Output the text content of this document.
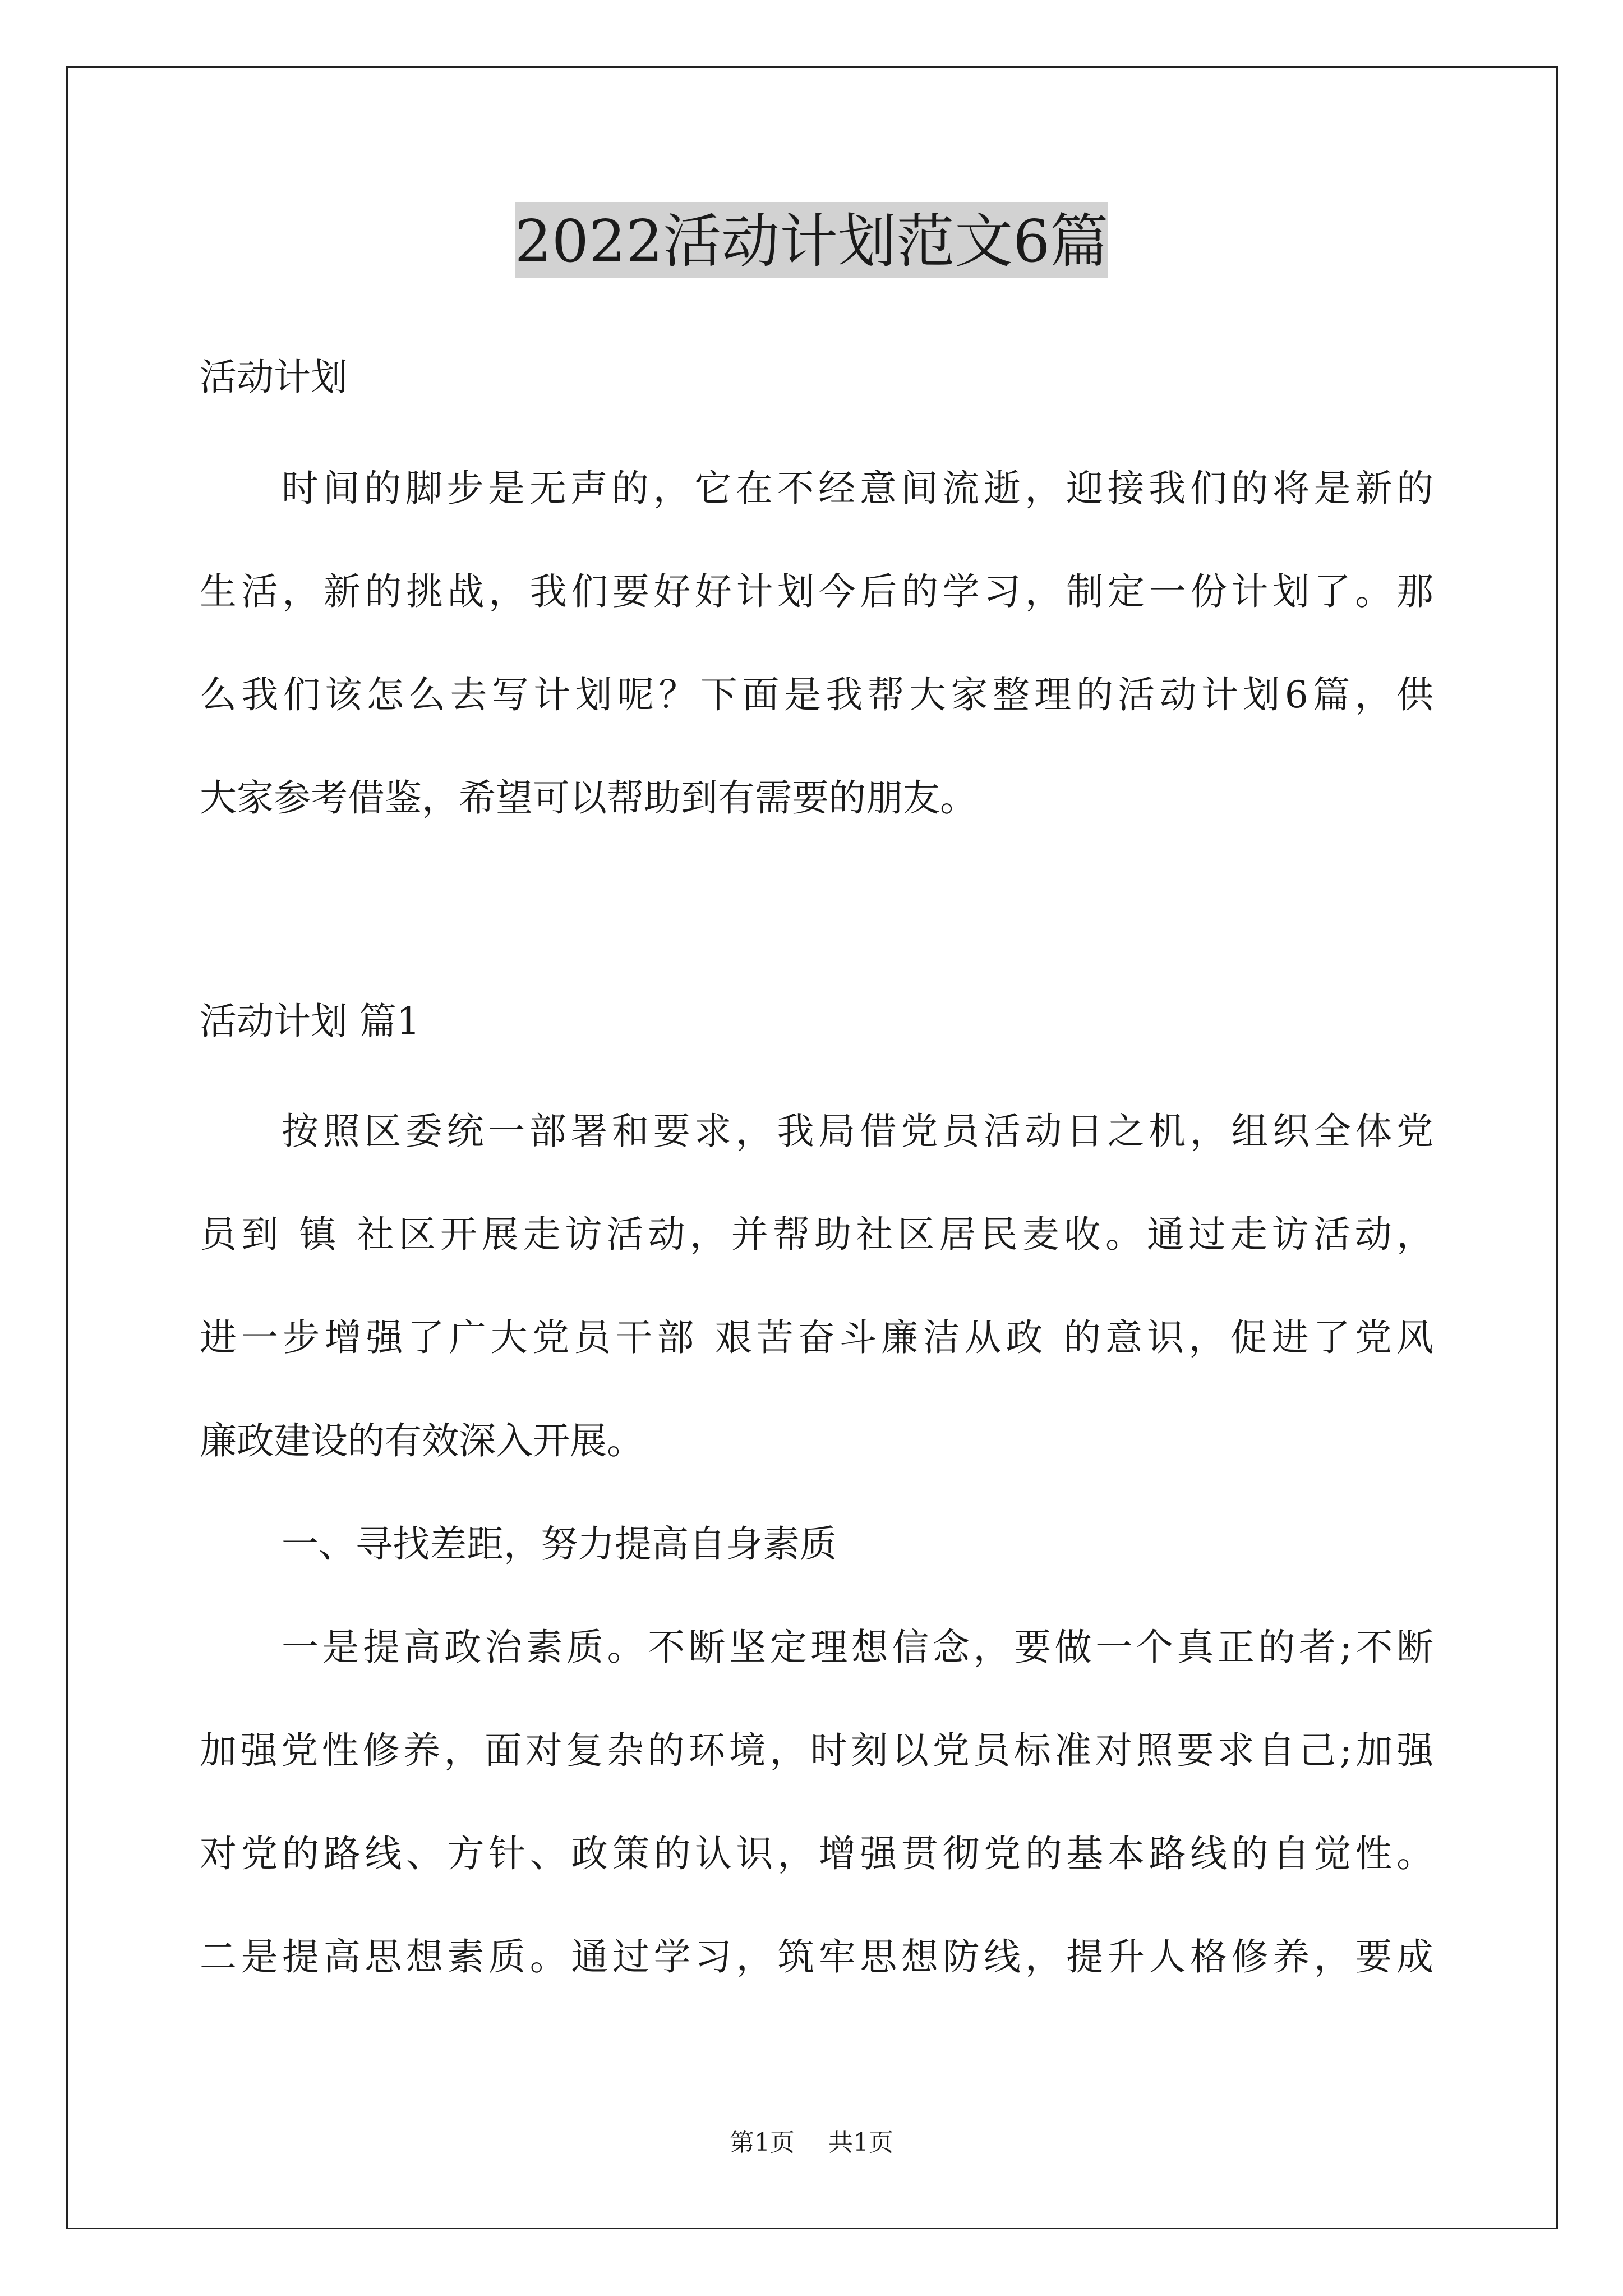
2022活动计划范文6篇

活动计划

时间的脚步是无声的，它在不经意间流逝，迎接我们的将是新的

生活，新的挑战，我们要好好计划今后的学习，制定一份计划了。那

么我们该怎么去写计划呢？下面是我帮大家整理的活动计划6篇，供

大家参考借鉴，希望可以帮助到有需要的朋友。

活动计划 篇1

按照区委统一部署和要求，我局借党员活动日之机，组织全体党

员到 镇 社区开展走访活动，并帮助社区居民麦收。通过走访活动，

进一步增强了广大党员干部 艰苦奋斗廉洁从政 的意识，促进了党风

廉政建设的有效深入开展。

一、寻找差距，努力提高自身素质

一是提高政治素质。不断坚定理想信念，要做一个真正的者;不断

加强党性修养，面对复杂的环境，时刻以党员标准对照要求自己;加强

对党的路线、方针、政策的认识，增强贯彻党的基本路线的自觉性。

二是提高思想素质。通过学习，筑牢思想防线，提升人格修养，要成

第1页 共1页
